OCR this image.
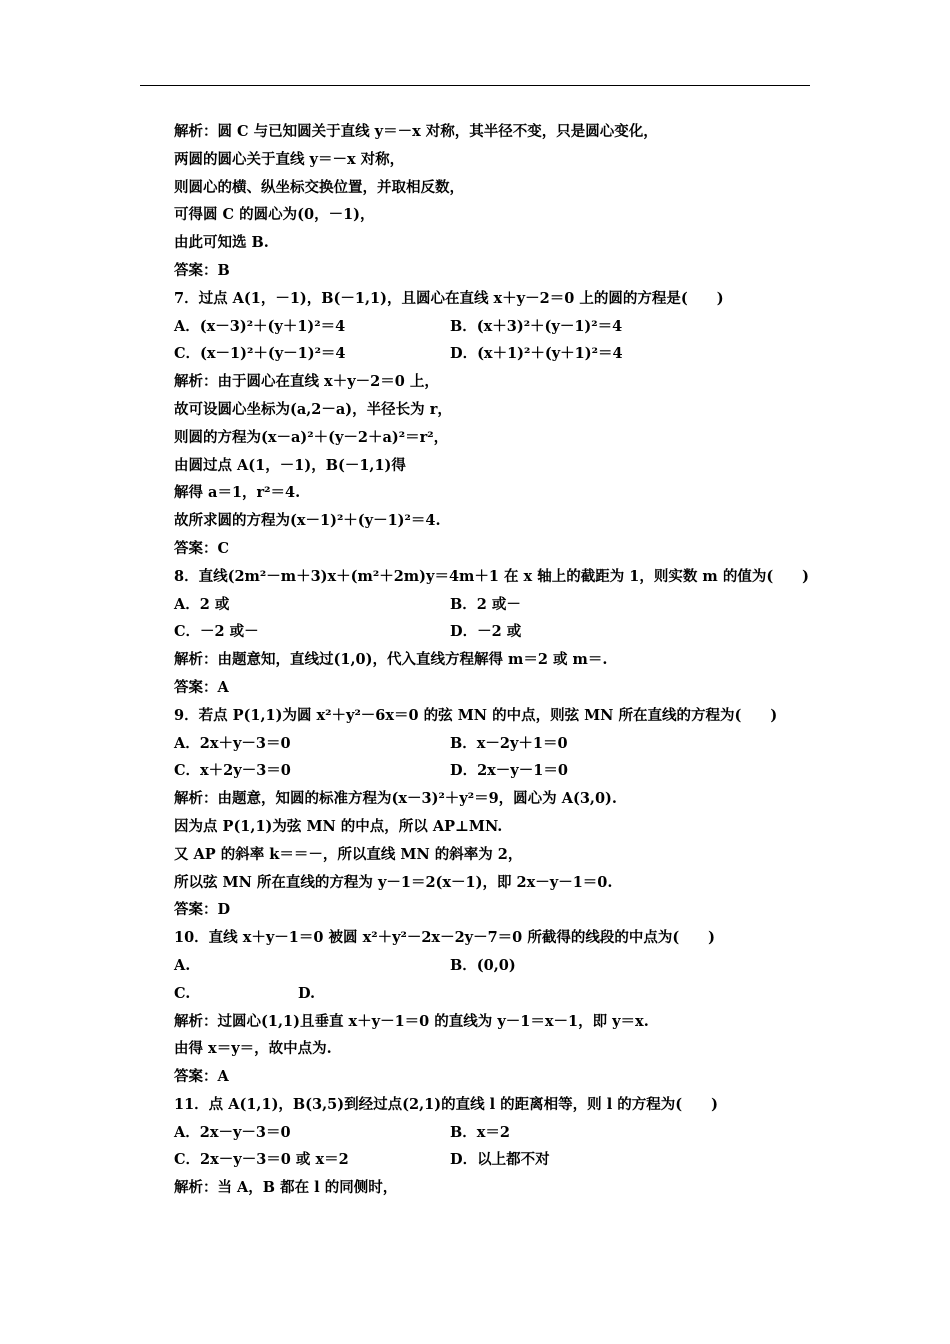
解析：圆 C 与已知圆关于直线 y＝－x 对称，其半径不变，只是圆心变化，
两圆的圆心关于直线 y＝－x 对称，
则圆心的横、纵坐标交换位置，并取相反数，
可得圆 C 的圆心为(0，－1)，
由此可知选 B.
答案：B
7．过点 A(1，－1)，B(－1,1)，且圆心在直线 x＋y－2＝0 上的圆的方程是(　　)
A．(x－3)²＋(y＋1)²＝4	B．(x＋3)²＋(y－1)²＝4
C．(x－1)²＋(y－1)²＝4	D．(x＋1)²＋(y＋1)²＝4
解析：由于圆心在直线 x＋y－2＝0 上，
故可设圆心坐标为(a,2－a)，半径长为 r，
则圆的方程为(x－a)²＋(y－2＋a)²＝r²，
由圆过点 A(1，－1)，B(－1,1)得
解得 a＝1，r²＝4.
故所求圆的方程为(x－1)²＋(y－1)²＝4.
答案：C
8．直线(2m²－m＋3)x＋(m²＋2m)y＝4m＋1 在 x 轴上的截距为 1，则实数 m 的值为(　　)
A．2 或	B．2 或－
C．－2 或－	D．－2 或
解析：由题意知，直线过(1,0)，代入直线方程解得 m＝2 或 m＝.
答案：A
9．若点 P(1,1)为圆 x²＋y²－6x＝0 的弦 MN 的中点，则弦 MN 所在直线的方程为(　　)
A．2x＋y－3＝0	B．x－2y＋1＝0
C．x＋2y－3＝0	D．2x－y－1＝0
解析：由题意，知圆的标准方程为(x－3)²＋y²＝9，圆心为 A(3,0).
因为点 P(1,1)为弦 MN 的中点，所以 AP⊥MN.
又 AP 的斜率 k＝＝－，所以直线 MN 的斜率为 2，
所以弦 MN 所在直线的方程为 y－1＝2(x－1)，即 2x－y－1＝0.
答案：D
10．直线 x＋y－1＝0 被圆 x²＋y²－2x－2y－7＝0 所截得的线段的中点为(　　)
A.	B．(0,0)
C.	D.
解析：过圆心(1,1)且垂直 x＋y－1＝0 的直线为 y－1＝x－1，即 y＝x.
由得 x＝y＝，故中点为.
答案：A
11．点 A(1,1)，B(3,5)到经过点(2,1)的直线 l 的距离相等，则 l 的方程为(　　)
A．2x－y－3＝0	B．x＝2
C．2x－y－3＝0 或 x＝2	D．以上都不对
解析：当 A，B 都在 l 的同侧时，
